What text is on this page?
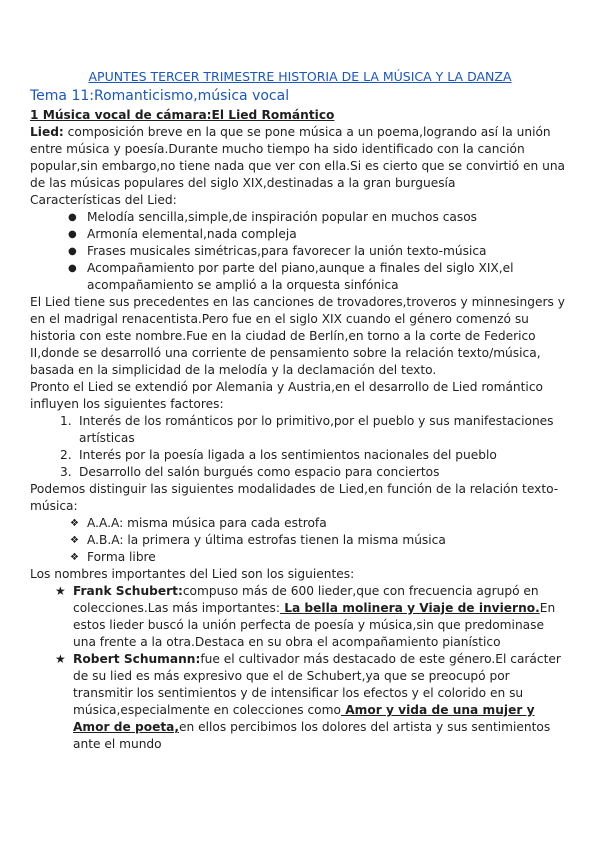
APUNTES TERCER TRIMESTRE HISTORIA DE LA MÚSICA Y LA DANZA
Tema 11:Romanticismo,música vocal
1 Música vocal de cámara:El Lied Romántico

Lied: composición breve en la que se pone música a un poema,logrando así la unión entre música y poesía.Durante mucho tiempo ha sido identificado con la canción popular,sin embargo,no tiene nada que ver con ella.Si es cierto que se convirtió en una de las músicas populares del siglo XIX,destinadas a la gran burguesía

Características del Lied:

● Melodía sencilla,simple,de inspiración popular en muchos casos
● Armonía elemental,nada compleja
● Frases musicales simétricas,para favorecer la unión texto-música
● Acompañamiento por parte del piano,aunque a finales del siglo XIX,el acompañamiento se amplió a la orquesta sinfónica

El Lied tiene sus precedentes en las canciones de trovadores,troveros y minnesingers y en el madrigal renacentista.Pero fue en el siglo XIX cuando el género comenzó su historia con este nombre.Fue en la ciudad de Berlín,en torno a la corte de Federico II,donde se desarrolló una corriente de pensamiento sobre la relación texto/música, basada en la simplicidad de la melodía y la declamación del texto.

Pronto el Lied se extendió por Alemania y Austria,en el desarrollo de Lied romántico influyen los siguientes factores:

1. Interés de los románticos por lo primitivo,por el pueblo y sus manifestaciones artísticas
2. Interés por la poesía ligada a los sentimientos nacionales del pueblo
3. Desarrollo del salón burgués como espacio para conciertos

Podemos distinguir las siguientes modalidades de Lied,en función de la relación texto-música:

❖ A.A.A: misma música para cada estrofa
❖ A.B.A: la primera y última estrofas tienen la misma música
❖ Forma libre

Los nombres importantes del Lied son los siguientes:

★ Frank Schubert:compuso más de 600 lieder,que con frecuencia agrupó en colecciones.Las más importantes: La bella molinera y Viaje de invierno.En estos lieder buscó la unión perfecta de poesía y música,sin que predominase una frente a la otra.Destaca en su obra el acompañamiento pianístico
★ Robert Schumann:fue el cultivador más destacado de este género.El carácter de su lied es más expresivo que el de Schubert,ya que se preocupó por transmitir los sentimientos y de intensificar los efectos y el colorido en su música,especialmente en colecciones como Amor y vida de una mujer y Amor de poeta,en ellos percibimos los dolores del artista y sus sentimientos ante el mundo
